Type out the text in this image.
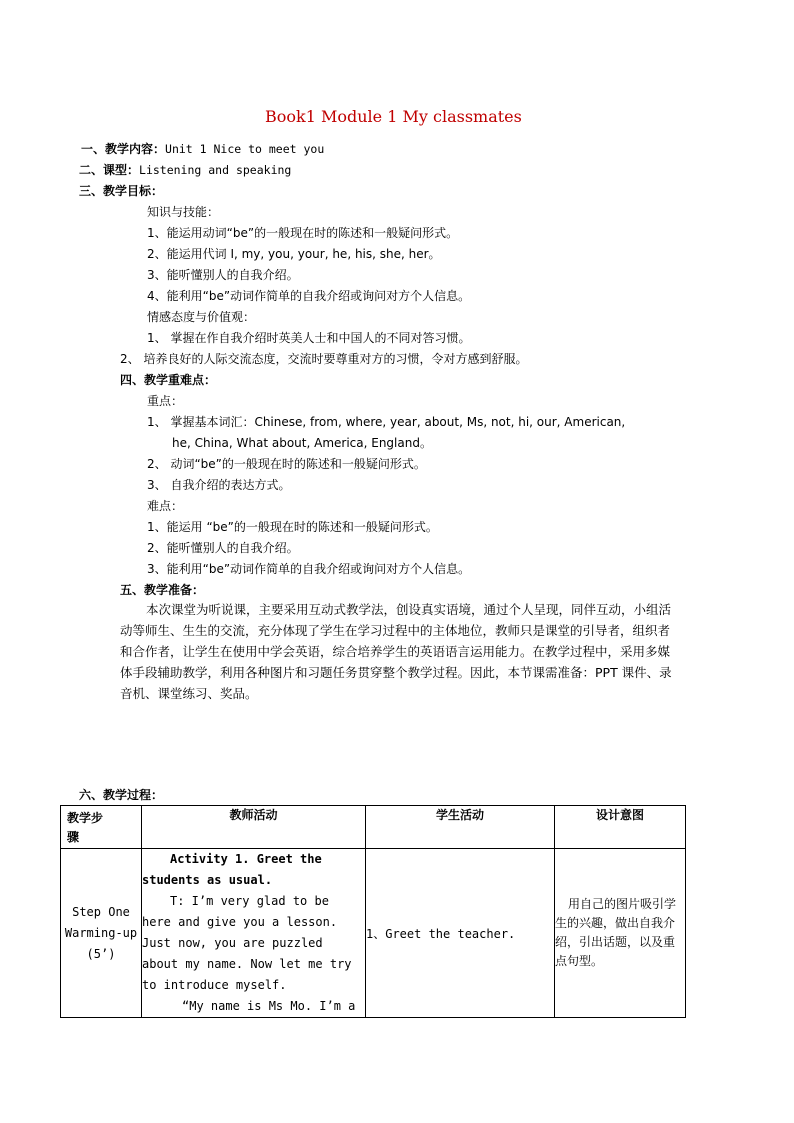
Book1 Module 1 My classmates
一、教学内容：Unit 1 Nice to meet you
二、课型：Listening and speaking
三、教学目标：
知识与技能：
1、能运用动词“be”的一般现在时的陈述和一般疑问形式。
2、能运用代词 I, my, you, your, he, his, she, her。
3、能听懂别人的自我介绍。
4、能利用“be”动词作简单的自我介绍或询问对方个人信息。
情感态度与价值观：
1、 掌握在作自我介绍时英美人士和中国人的不同对答习惯。
2、 培养良好的人际交流态度，交流时要尊重对方的习惯，令对方感到舒服。
四、教学重难点：
重点：
1、 掌握基本词汇：Chinese, from, where, year, about, Ms, not, hi, our, American,
he, China, What about, America, England。
2、 动词“be”的一般现在时的陈述和一般疑问形式。
3、 自我介绍的表达方式。
难点：
1、能运用 “be”的一般现在时的陈述和一般疑问形式。
2、能听懂别人的自我介绍。
3、能利用“be”动词作简单的自我介绍或询问对方个人信息。
五、教学准备：
本次课堂为听说课，主要采用互动式教学法，创设真实语境，通过个人呈现，同伴互动，小组活动等师生、生生的交流，充分体现了学生在学习过程中的主体地位，教师只是课堂的引导者，组织者和合作者，让学生在使用中学会英语，综合培养学生的英语语言运用能力。在教学过程中，采用多媒体手段辅助教学，利用各种图片和习题任务贯穿整个教学过程。因此，本节课需准备：PPT 课件、录音机、课堂练习、奖品。
六、教学过程：
教学步骤	教师活动	学生活动	设计意图

Step One Warming-up (5’)	Activity 1. Greet the students as usual.
T: I’m very glad to be here and give you a lesson. Just now, you are puzzled about my name. Now let me try to introduce myself.
“My name is Ms Mo. I’m a	1、Greet the teacher.	用自己的图片吸引学生的兴趣，做出自我介绍，引出话题，以及重点句型。
